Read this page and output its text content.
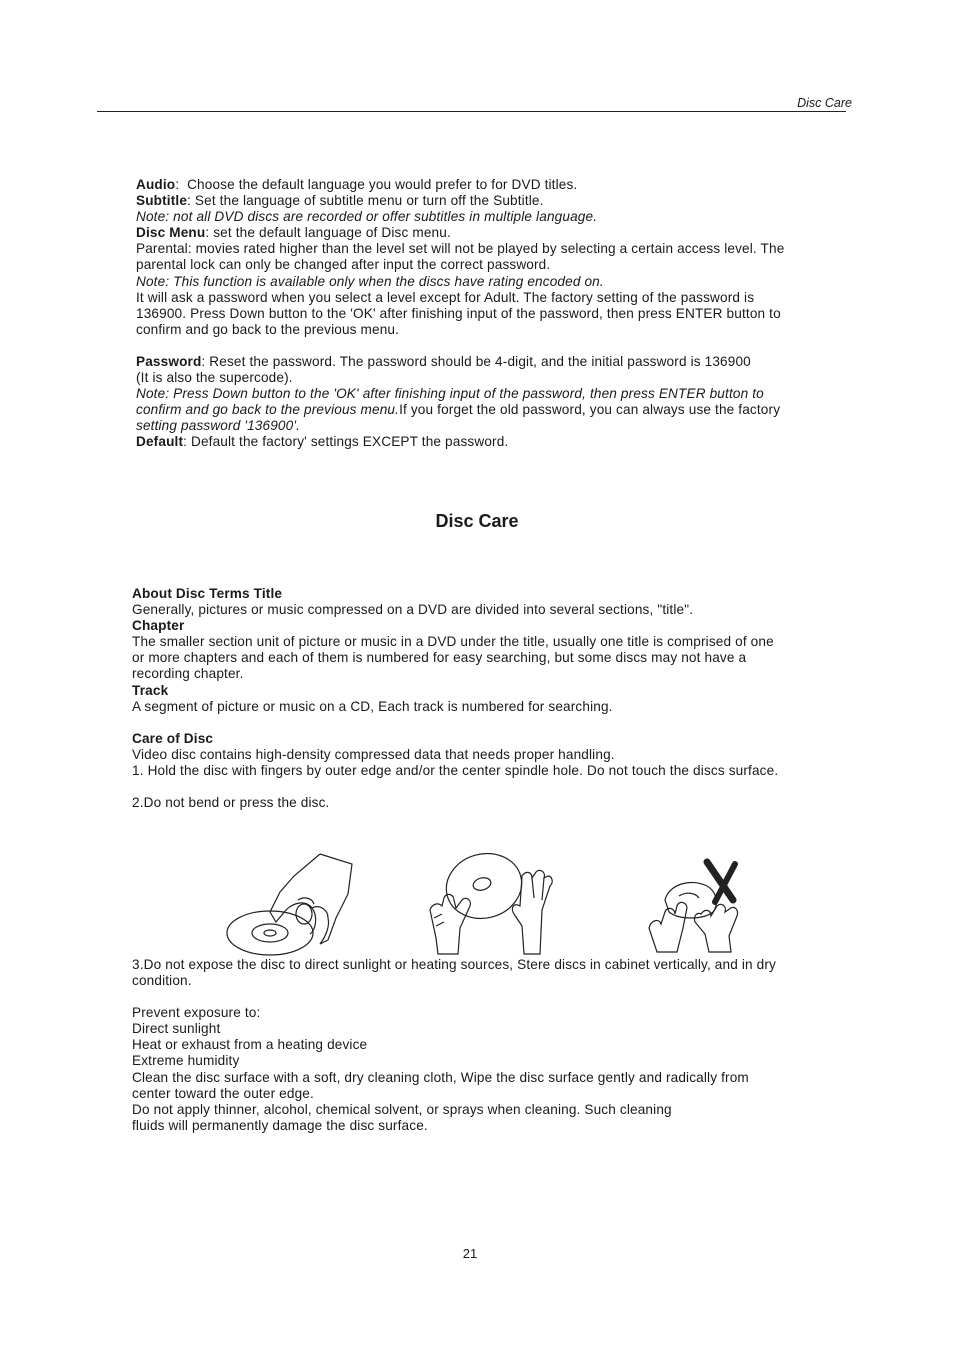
Disc Care

Audio: Choose the default language you would prefer to for DVD titles.

Subtitle: Set the language of subtitle menu or turn off the Subtitle.

Note: not all DVD discs are recorded or offer subtitles in multiple language.

Disc Menu: set the default language of Disc menu.

Parental: movies rated higher than the level set will not be played by selecting a certain access level. The

parental lock can only be changed after input the correct password.

Note: This function is available only when the discs have rating encoded on.

It will ask a password when you select a level except for Adult. The factory setting of the password is

136900. Press Down button to the 'OK' after finishing input of the password, then press ENTER button to

confirm and go back to the previous menu.

Password: Reset the password. The password should be 4-digit, and the initial password is 136900

(It is also the supercode).

Note: Press Down button to the 'OK' after finishing input of the password, then press ENTER button to

confirm and go back to the previous menu.If you forget the old password, you can always use the factory

setting password '136900'.

Default: Default the factory' settings EXCEPT the password.

Disc Care

About Disc Terms Title

Generally, pictures or music compressed on a DVD are divided into several sections, "title".

Chapter

The smaller section unit of picture or music in a DVD under the title, usually one title is comprised of one

or more chapters and each of them is numbered for easy searching, but some discs may not have a

recording chapter.

Track

A segment of picture or music on a CD, Each track is numbered for searching.

Care of Disc

Video disc contains high-density compressed data that needs proper handling.

1. Hold the disc with fingers by outer edge and/or the center spindle hole. Do not touch the discs surface.

2.Do not bend or press the disc.

3.Do not expose the disc to direct sunlight or heating sources, Stere discs in cabinet vertically, and in dry

condition.

Prevent exposure to:

Direct sunlight

Heat or exhaust from a heating device

Extreme humidity

Clean the disc surface with a soft, dry cleaning cloth, Wipe the disc surface gently and radically from

center toward the outer edge.

Do not apply thinner, alcohol, chemical solvent, or sprays when cleaning. Such cleaning

fluids will permanently damage the disc surface.

21
